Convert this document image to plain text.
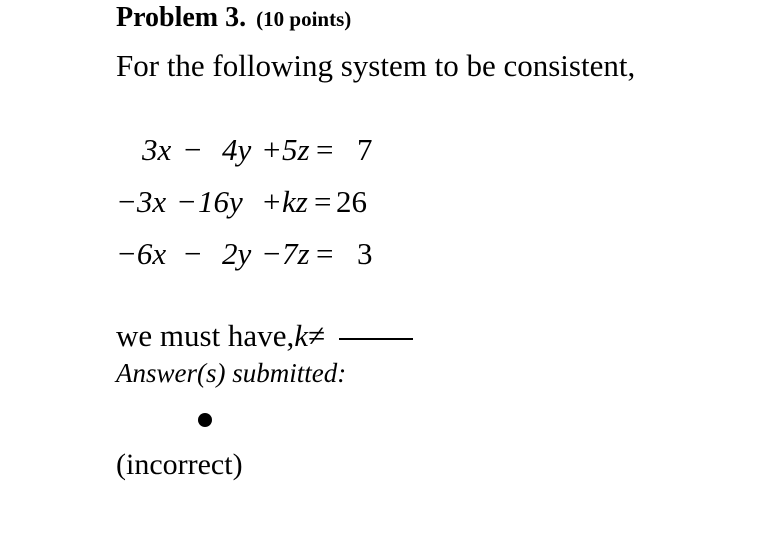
Problem 3. (10 points)
For the following system to be consistent,
3x − 4y + 5z = 7
−3x − 16y + kz = 26
−6x − 2y − 7z = 3
we must have, k ≠
Answer(s) submitted:
(incorrect)
